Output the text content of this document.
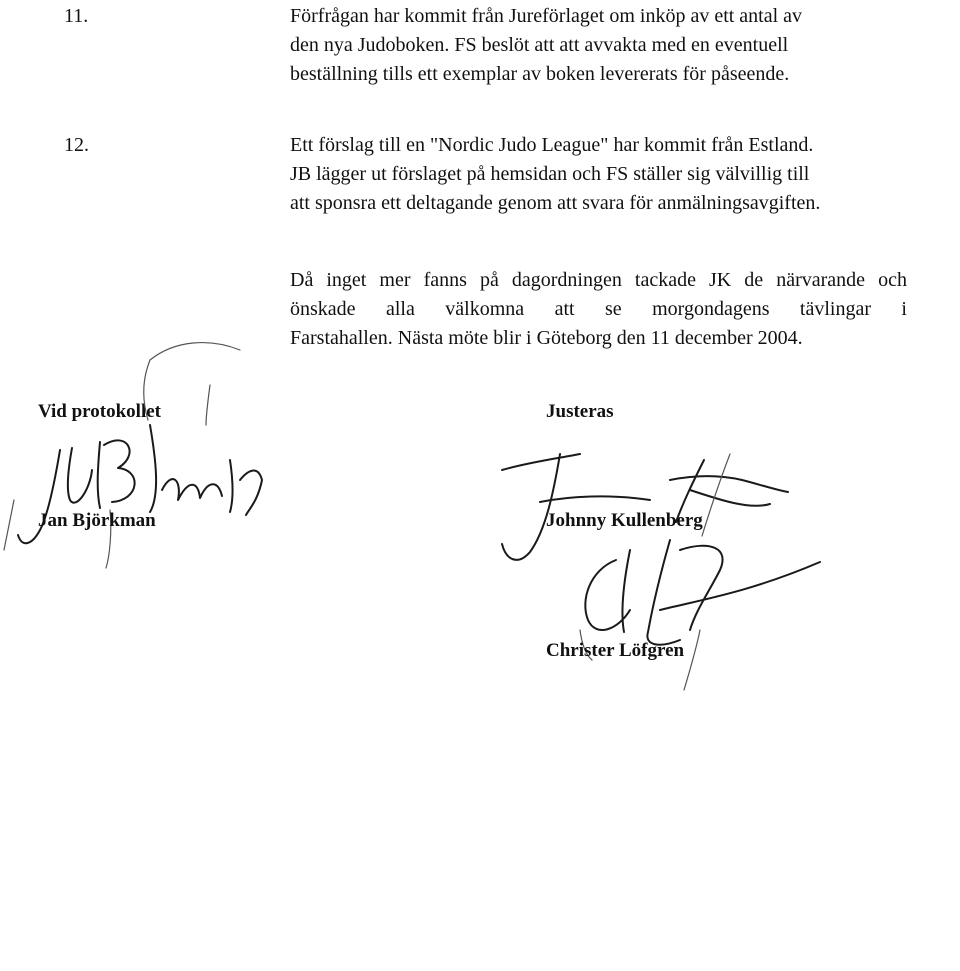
11.	Förfrågan har kommit från Jureförlaget om inköp av ett antal av
den nya Judoboken. FS beslöt att att avvakta med en eventuell
beställning tills ett exemplar av boken levererats för påseende.
12.	Ett förslag till en "Nordic Judo League" har kommit från Estland.
JB lägger ut förslaget på hemsidan och FS ställer sig välvillig till
att sponsra ett deltagande genom att svara för anmälningsavgiften.
Då inget mer fanns på dagordningen tackade JK de närvarande och
önskade alla välkomna att se morgondagens tävlingar i
Farstahallen. Nästa möte blir i Göteborg den 11 december 2004.
Vid protokollet
Jan Björkman
Justeras
Johnny Kullenberg
Christer Löfgren
